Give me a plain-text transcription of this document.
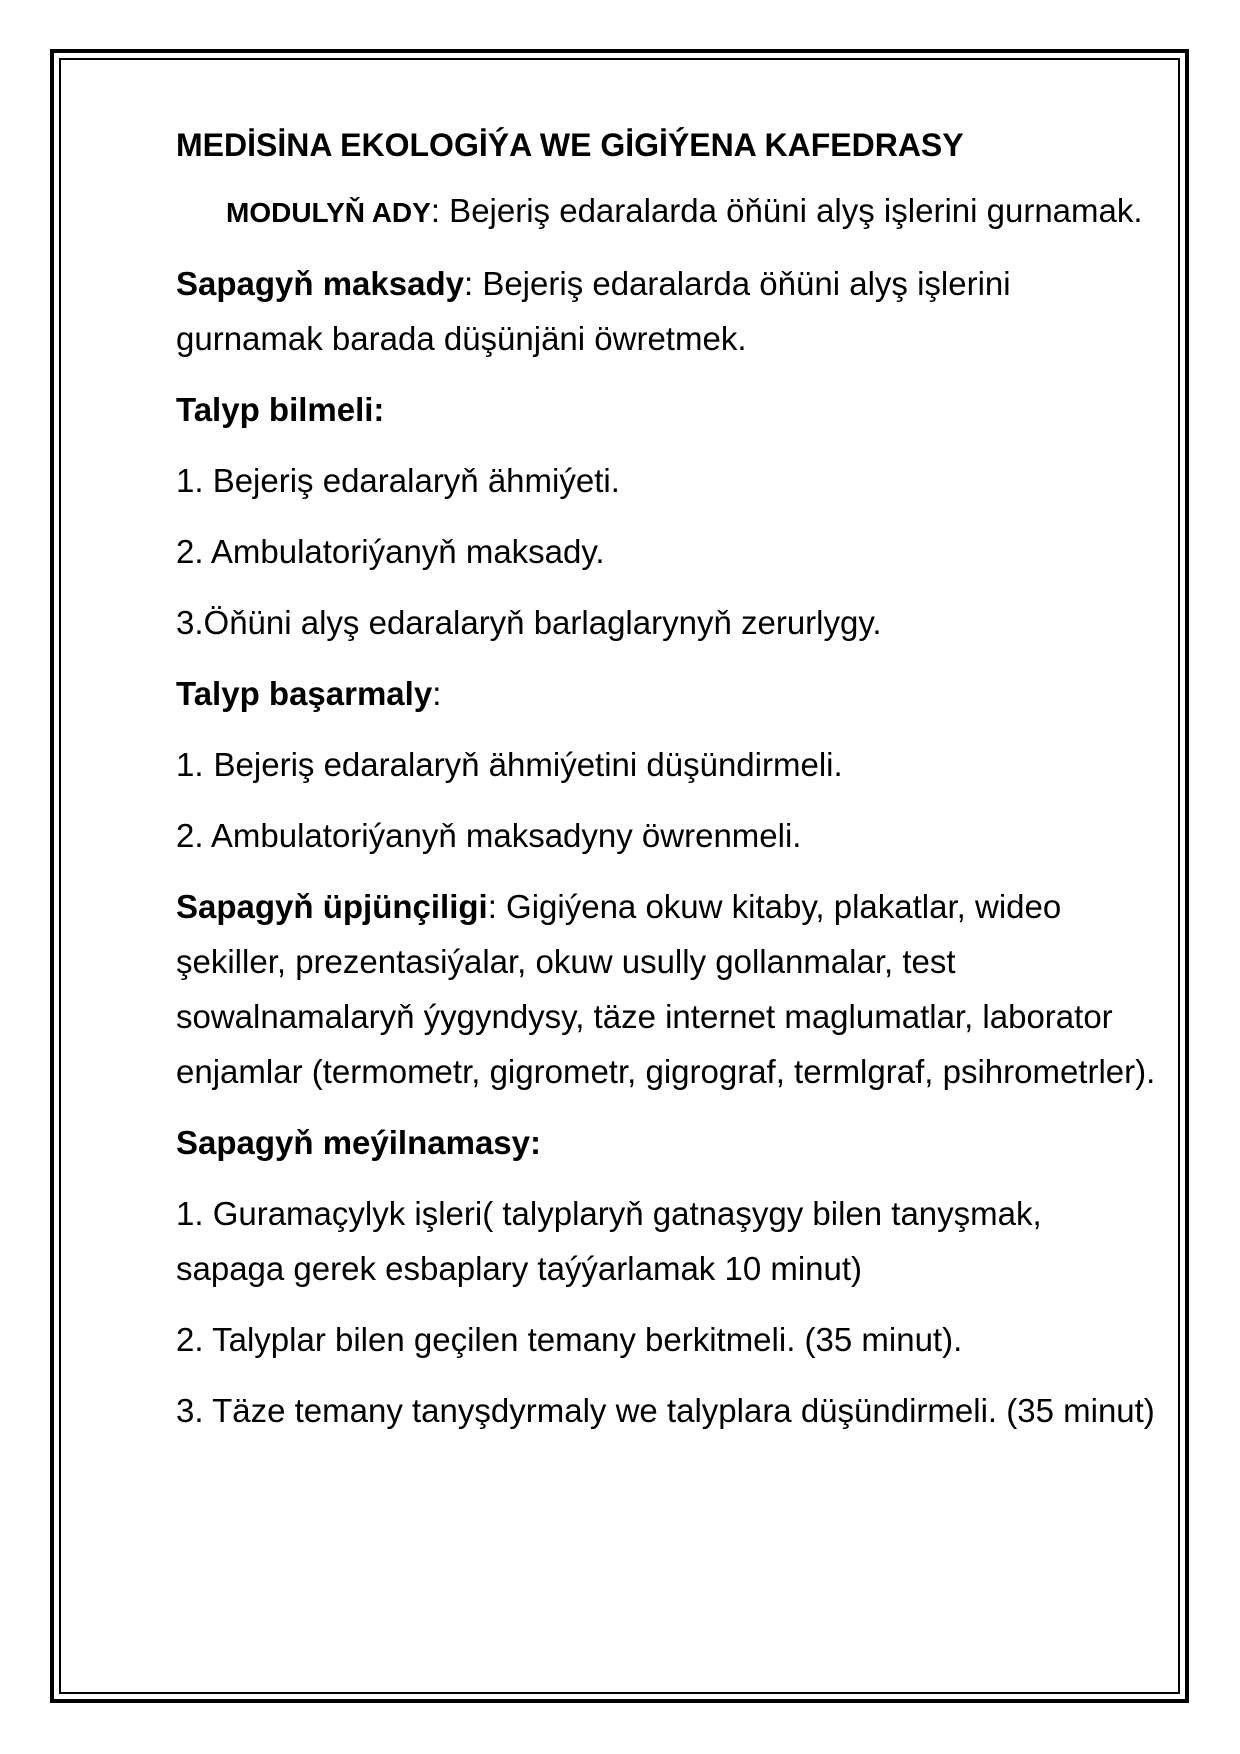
MEDİSİNA EKOLOGİÝA WE GİGİÝENA KAFEDRASY

MODULYŇ ADY: Bejeriş edaralarda öňüni alyş işlerini gurnamak.

Sapagyň maksady: Bejeriş edaralarda öňüni alyş işlerini gurnamak barada düşünjäni öwretmek.

Talyp bilmeli:

1. Bejeriş edaralaryň ähmiýeti.

2. Ambulatoriýanyň maksady.

3.Öňüni alyş edaralaryň barlaglarynyň zerurlygy.

Talyp başarmaly:

1. Bejeriş edaralaryň ähmiýetini düşündirmeli.

2. Ambulatoriýanyň maksadyny öwrenmeli.

Sapagyň üpjünçiligi: Gigiýena okuw kitaby, plakatlar, wideo şekiller, prezentasiýalar, okuw usully gollanmalar, test sowalnamalaryň ýygyndysy, täze internet maglumatlar, laborator enjamlar (termometr, gigrometr, gigrograf, termlgraf, psihrometrler).

Sapagyň meýilnamasy:

1. Guramaçylyk işleri( talyplaryň gatnaşygy bilen tanyşmak, sapaga gerek esbaplary taýýarlamak 10 minut)

2. Talyplar bilen geçilen temany berkitmeli. (35 minut).

3. Täze temany tanyşdyrmaly we talyplara düşündirmeli. (35 minut)
